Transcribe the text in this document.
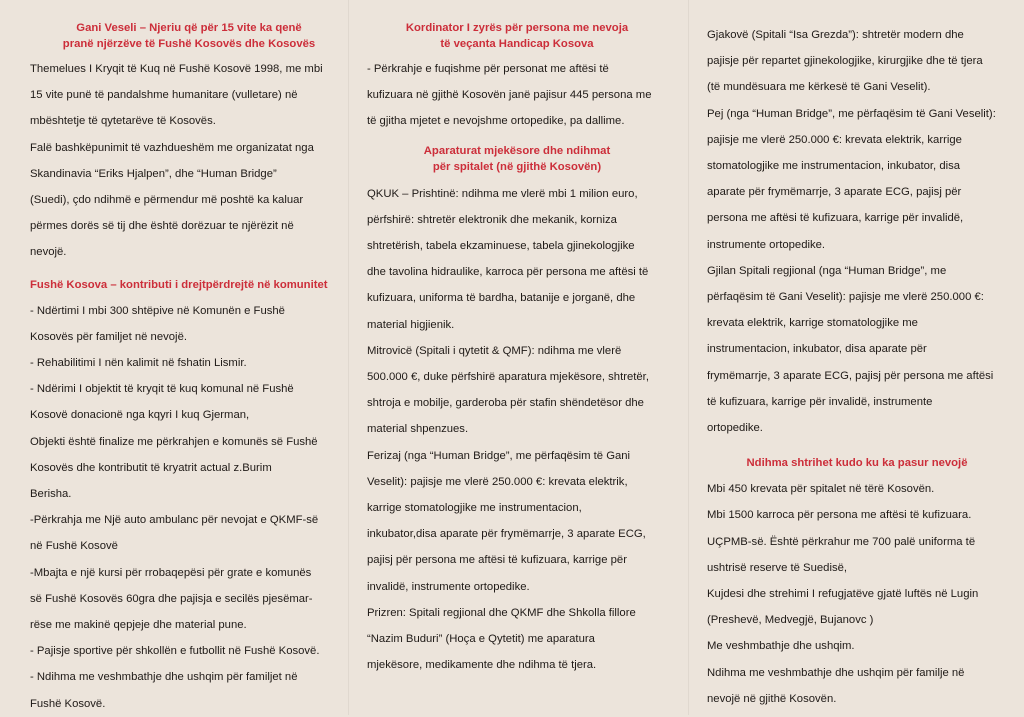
Gani Veseli – Njeriu që për 15 vite ka qenë

pranë njërzëve të Fushë Kosovës dhe Kosovës

Themelues I Kryqit të Kuq në Fushë Kosovë 1998, me mbi

15 vite punë të pandalshme humanitare (vulletare) në

mbështetje të qytetarëve të Kosovës.

Falë bashkëpunimit të vazhdueshëm me organizatat nga

Skandinavia “Eriks Hjalpen”, dhe “Human Bridge”

(Suedi), çdo ndihmë e përmendur më poshtë ka kaluar

përmes dorës së tij dhe është dorëzuar te njërëzit në

nevojë.

Fushë Kosova – kontributi i drejtpërdrejtë në komunitet

- Ndërtimi I mbi 300 shtëpive në Komunën e Fushë

Kosovës për familjet në nevojë.

- Rehabilitimi I nën kalimit në fshatin Lismir.

- Ndërimi I objektit të kryqit të kuq komunal në Fushë

Kosovë donacionë nga kqyri I kuq Gjerman,

Objekti është finalize me përkrahjen e komunës së Fushë

Kosovës dhe kontributit të kryatrit actual z.Burim

Berisha.

-Përkrahja me Një auto ambulanc për nevojat e QKMF-së

në Fushë Kosovë

-Mbajta e një kursi për rrobaqepësi për grate e komunës

së Fushë Kosovës 60gra dhe pajisja e secilës pjesëmar-

rëse me makinë qepjeje dhe material pune.

- Pajisje sportive për shkollën e futbollit në Fushë Kosovë.

- Ndihma me veshmbathje dhe ushqim për familjet në

Fushë Kosovë.

Kordinator I zyrës për persona me nevoja

të veçanta Handicap Kosova

- Përkrahje e fuqishme për personat me aftësi të

kufizuara në gjithë Kosovën janë pajisur 445 persona me

të gjitha mjetet e nevojshme ortopedike, pa dallime.

Aparaturat mjekësore dhe ndihmat

për spitalet (në gjithë Kosovën)

QKUK – Prishtinë: ndihma me vlerë mbi 1 milion euro,

përfshirë: shtretër elektronik dhe mekanik, korniza

shtretërish, tabela ekzaminuese, tabela gjinekologjike

dhe tavolina hidraulike, karroca për persona me aftësi të

kufizuara, uniforma të bardha, batanije e jorganë, dhe

material higjienik.

Mitrovicë (Spitali i qytetit & QMF): ndihma me vlerë

500.000 €, duke përfshirë aparatura mjekësore, shtretër,

shtroja e mobilje, garderoba për stafin shëndetësor dhe

material shpenzues.

Ferizaj (nga “Human Bridge”, me përfaqësim të Gani

Veselit): pajisje me vlerë 250.000 €: krevata elektrik,

karrige stomatologjike me instrumentacion,

inkubator,disa aparate për frymëmarrje, 3 aparate ECG,

pajisj për persona me aftësi të kufizuara, karrige për

invalidë, instrumente ortopedike.

Prizren: Spitali regjional dhe QKMF dhe Shkolla fillore

“Nazim Buduri” (Hoça e Qytetit) me aparatura

mjekësore, medikamente dhe ndihma të tjera.

Gjakovë (Spitali “Isa Grezda”): shtretër modern dhe

pajisje për repartet gjinekologjike, kirurgjike dhe të tjera

(të mundësuara me kërkesë të Gani Veselit).

Pej (nga “Human Bridge”, me përfaqësim të Gani Veselit):

pajisje me vlerë 250.000 €: krevata elektrik, karrige

stomatologjike me instrumentacion, inkubator, disa

aparate për frymëmarrje, 3 aparate ECG, pajisj për

persona me aftësi të kufizuara, karrige për invalidë,

instrumente ortopedike.

Gjilan Spitali regjional (nga “Human Bridge”, me

përfaqësim të Gani Veselit): pajisje me vlerë 250.000 €:

krevata elektrik, karrige stomatologjike me

instrumentacion, inkubator, disa aparate për

frymëmarrje, 3 aparate ECG, pajisj për persona me aftësi

të kufizuara, karrige për invalidë, instrumente

ortopedike.

Ndihma shtrihet kudo ku ka pasur nevojë

Mbi 450 krevata për spitalet në tërë Kosovën.

Mbi 1500 karroca për persona me aftësi të kufizuara.

UÇPMB-së. Është përkrahur me 700 palë uniforma të

ushtrisë reserve të Suedisë,

Kujdesi dhe strehimi I refugjatëve gjatë luftës në Lugin

(Preshevë, Medvegjë, Bujanovc )

Me veshmbathje dhe ushqim.

Ndihma me veshmbathje dhe ushqim për familje në

nevojë në gjithë Kosovën.
